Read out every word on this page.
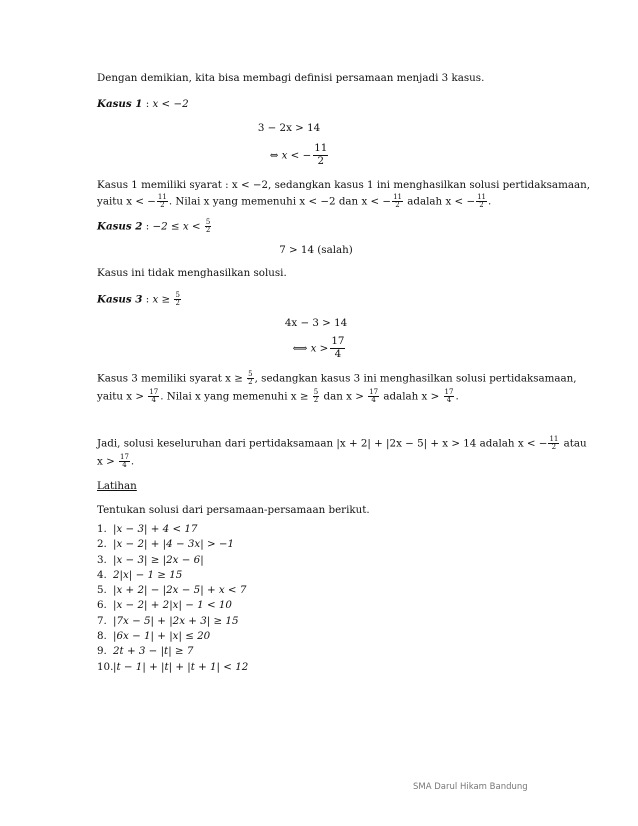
Dengan demikian, kita bisa membagi definisi persamaan menjadi 3 kasus.
Kasus 1 : x < −2
3 − 2x > 14
⇔ x < − $\frac{11}{2}$
Kasus 1 memiliki syarat : x < −2, sedangkan kasus 1 ini menghasilkan solusi pertidaksamaan,
yaitu x < − $\frac{11}{2}$ . Nilai x yang memenuhi x < −2 dan x < − $\frac{11}{2}$ adalah x < − $\frac{11}{2}$ .
Kasus 2 : $-2 \le x < \frac{5}{2}$
7 > 14 (salah)
Kasus ini tidak menghasilkan solusi.
Kasus 3 : $x \ge \frac{5}{2}$
4x − 3 > 14
⟺ $x > \frac{17}{4}$
Kasus 3 memiliki syarat $x \ge \frac{5}{2}$ , sedangkan kasus 3 ini menghasilkan solusi pertidaksamaan,
yaitu $x > \frac{17}{4}$ . Nilai x yang memenuhi $x \ge \frac{5}{2}$ dan $x > \frac{17}{4}$ adalah $x > \frac{17}{4}$ .
Jadi, solusi keseluruhan dari pertidaksamaan |x + 2| + |2x − 5| + x > 14 adalah x < − $\frac{11}{2}$ atau
$x > \frac{17}{4}$ .
Latihan
Tentukan solusi dari persamaan-persamaan berikut.
1. |x − 3| + 4 < 17
2. |x − 2| + |4 − 3x| > −1
3. |x − 3| ≥ |2x − 6|
4. 2|x| − 1 ≥ 15
5. |x + 2| − |2x − 5| + x < 7
6. |x − 2| + 2|x| − 1 < 10
7. |7x − 5| + |2x + 3| ≥ 15
8. |6x − 1| + |x| ≤ 20
9. 2t + 3 − |t| ≥ 7
10.|t − 1| + |t| + |t + 1| < 12
SMA Darul Hikam Bandung
